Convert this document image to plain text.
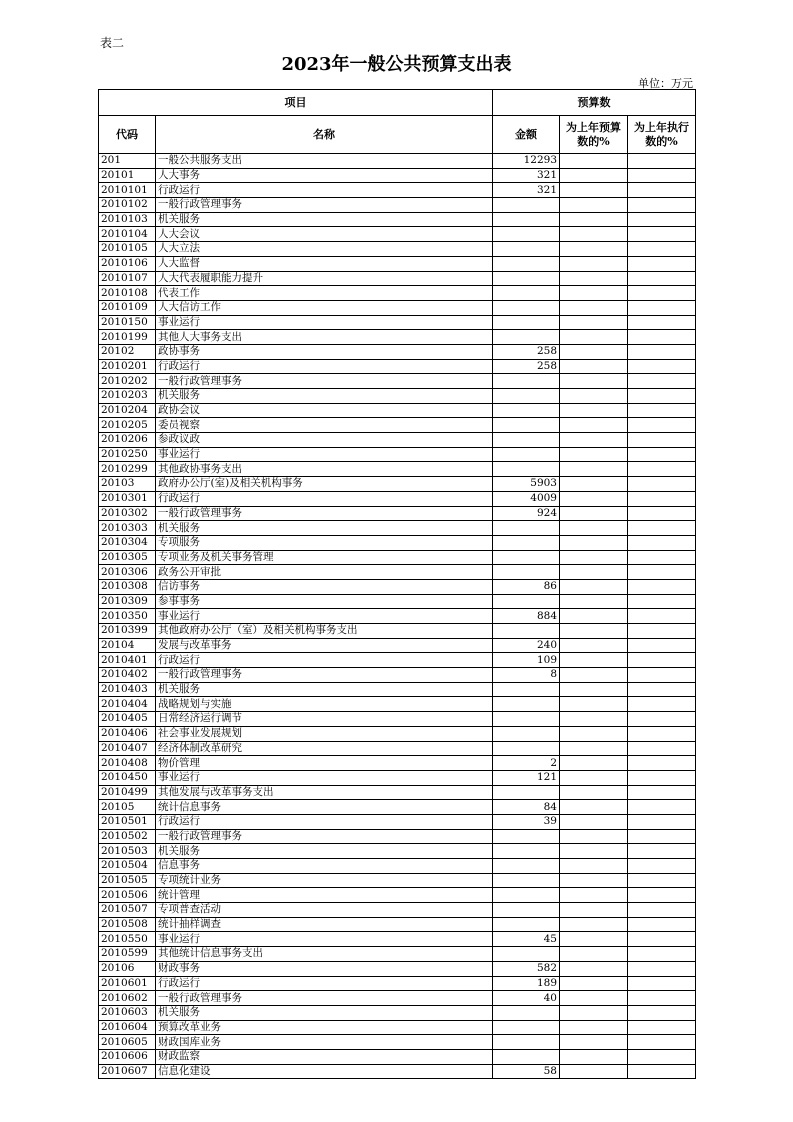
表二
2023年一般公共预算支出表
单位：万元
项目		预算数		
代码	名称	金额	为上年预算数的%	为上年执行数的%
201	一般公共服务支出	12293		
20101	人大事务	321		
2010101	行政运行	321		
2010102	一般行政管理事务			
2010103	机关服务			
2010104	人大会议			
2010105	人大立法			
2010106	人大监督			
2010107	人大代表履职能力提升			
2010108	代表工作			
2010109	人大信访工作			
2010150	事业运行			
2010199	其他人大事务支出			
20102	政协事务	258		
2010201	行政运行	258		
2010202	一般行政管理事务			
2010203	机关服务			
2010204	政协会议			
2010205	委员视察			
2010206	参政议政			
2010250	事业运行			
2010299	其他政协事务支出			
20103	政府办公厅(室)及相关机构事务	5903		
2010301	行政运行	4009		
2010302	一般行政管理事务	924		
2010303	机关服务			
2010304	专项服务			
2010305	专项业务及机关事务管理			
2010306	政务公开审批			
2010308	信访事务	86		
2010309	参事事务			
2010350	事业运行	884		
2010399	其他政府办公厅（室）及相关机构事务支出			
20104	发展与改革事务	240		
2010401	行政运行	109		
2010402	一般行政管理事务	8		
2010403	机关服务			
2010404	战略规划与实施			
2010405	日常经济运行调节			
2010406	社会事业发展规划			
2010407	经济体制改革研究			
2010408	物价管理	2		
2010450	事业运行	121		
2010499	其他发展与改革事务支出			
20105	统计信息事务	84		
2010501	行政运行	39		
2010502	一般行政管理事务			
2010503	机关服务			
2010504	信息事务			
2010505	专项统计业务			
2010506	统计管理			
2010507	专项普查活动			
2010508	统计抽样调查			
2010550	事业运行	45		
2010599	其他统计信息事务支出			
20106	财政事务	582		
2010601	行政运行	189		
2010602	一般行政管理事务	40		
2010603	机关服务			
2010604	预算改革业务			
2010605	财政国库业务			
2010606	财政监察			
2010607	信息化建设	58		
